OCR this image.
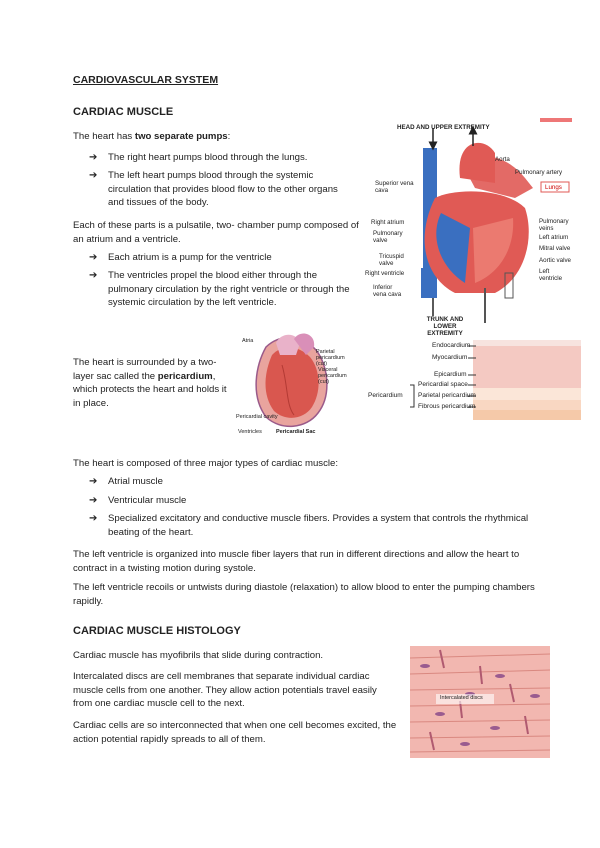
CARDIOVASCULAR SYSTEM
CARDIAC MUSCLE

The heart has two separate pumps:

➔ The right heart pumps blood through the lungs.
➔ The left heart pumps blood through the systemic circulation that provides blood flow to the other organs and tissues of the body.

Each of these parts is a pulsatile, two- chamber pump composed of an atrium and a ventricle.

➔ Each atrium is a pump for the ventricle
➔ The ventricles propel the blood either through the pulmonary circulation by the right ventricle or through the systemic circulation by the left ventricle.

The heart is surrounded by a two-layer sac called the pericardium, which protects the heart and holds it in place.

Atria
Parietal pericardium (cut)
Visceral pericardium (cut)
Pericardial cavity
Ventricles	Pericardial Sac
HEAD AND UPPER EXTREMITY
TRUNK AND LOWER EXTREMITY
Superior vena cava
Right atrium
Pulmonary valve
Tricuspid valve
Right ventricle
Inferior vena cava
Aorta
Pulmonary artery
Lungs
Pulmonary veins
Left atrium
Mitral valve
Aortic valve
Left ventricle
Endocardium
Myocardium
Epicardium
Pericardial space
Parietal pericardium
Fibrous pericardium
Pericardium

The heart is composed of three major types of cardiac muscle:

➔ Atrial muscle
➔ Ventricular muscle
➔ Specialized excitatory and conductive muscle fibers. Provides a system that controls the rhythmical beating of the heart.

The left ventricle is organized into muscle fiber layers that run in different directions and allow the heart to contract in a twisting motion during systole.

The left ventricle recoils or untwists during diastole (relaxation) to allow blood to enter the pumping chambers rapidly.

CARDIAC MUSCLE HISTOLOGY

Cardiac muscle has myofibrils that slide during contraction.

Intercalated discs are cell membranes that separate individual cardiac muscle cells from one another. They allow action potentials travel easily from one cardiac muscle cell to the next.

Cardiac cells are so interconnected that when one cell becomes excited, the action potential rapidly spreads to all of them.

Intercalated discs
